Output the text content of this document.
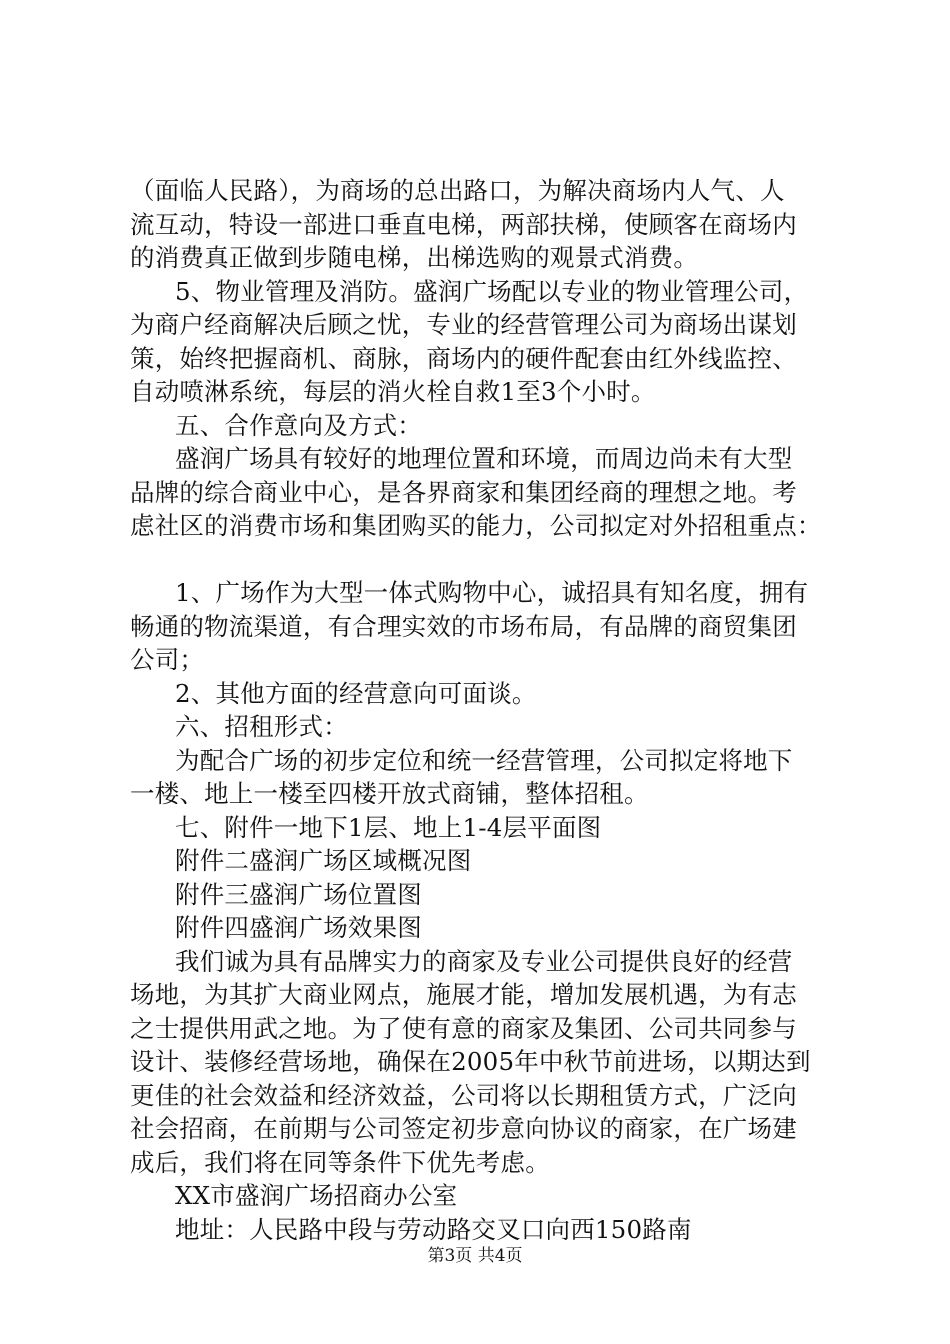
（面临人民路），为商场的总出路口，为解决商场内人气、人
流互动，特设一部进口垂直电梯，两部扶梯，使顾客在商场内
的消费真正做到步随电梯，出梯选购的观景式消费。
5、物业管理及消防。盛润广场配以专业的物业管理公司，
为商户经商解决后顾之忧，专业的经营管理公司为商场出谋划
策，始终把握商机、商脉，商场内的硬件配套由红外线监控、
自动喷淋系统，每层的消火栓自救1至3个小时。
五、合作意向及方式：
盛润广场具有较好的地理位置和环境，而周边尚未有大型
品牌的综合商业中心，是各界商家和集团经商的理想之地。考
虑社区的消费市场和集团购买的能力，公司拟定对外招租重点：
1、广场作为大型一体式购物中心，诚招具有知名度，拥有
畅通的物流渠道，有合理实效的市场布局，有品牌的商贸集团
公司；
2、其他方面的经营意向可面谈。
六、招租形式：
为配合广场的初步定位和统一经营管理，公司拟定将地下
一楼、地上一楼至四楼开放式商铺，整体招租。
七、附件一地下1层、地上1-4层平面图
附件二盛润广场区域概况图
附件三盛润广场位置图
附件四盛润广场效果图
我们诚为具有品牌实力的商家及专业公司提供良好的经营
场地，为其扩大商业网点，施展才能，增加发展机遇，为有志
之士提供用武之地。为了使有意的商家及集团、公司共同参与
设计、装修经营场地，确保在2005年中秋节前进场，以期达到
更佳的社会效益和经济效益，公司将以长期租赁方式，广泛向
社会招商，在前期与公司签定初步意向协议的商家，在广场建
成后，我们将在同等条件下优先考虑。
XX市盛润广场招商办公室
地址：人民路中段与劳动路交叉口向西150路南
第3页 共4页
